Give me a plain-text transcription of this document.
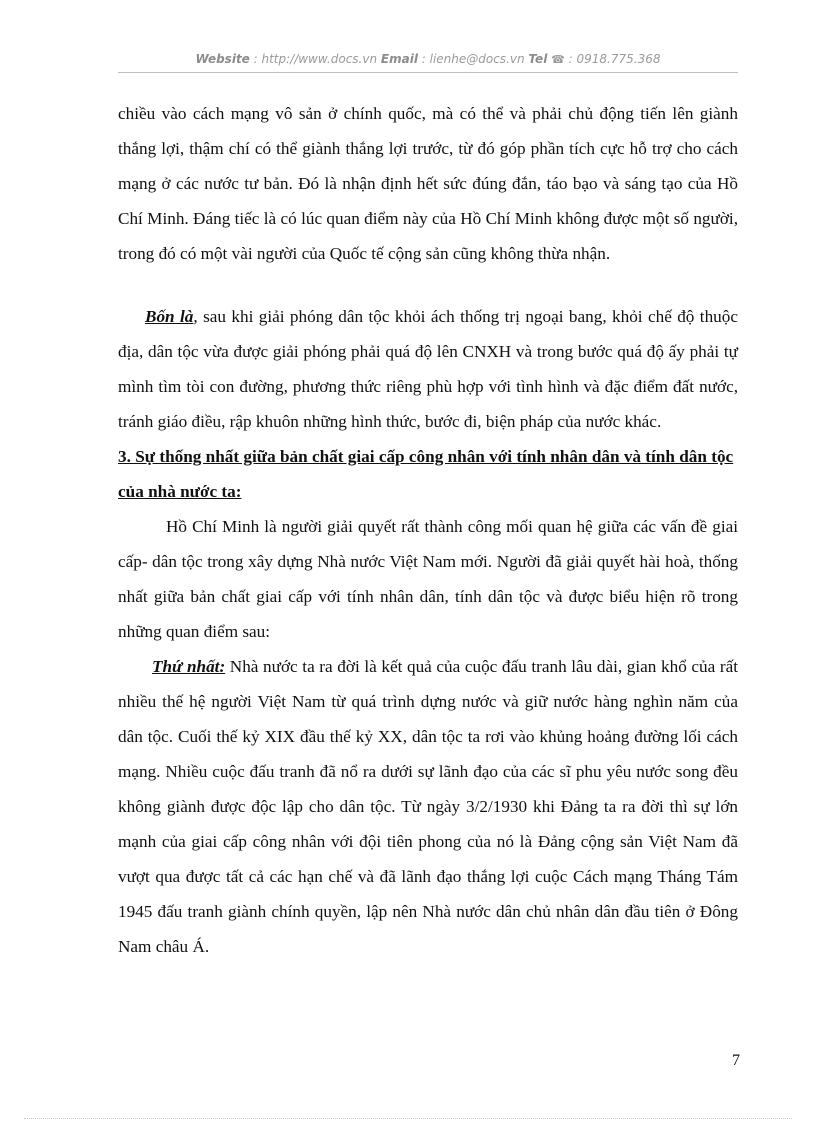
Website : http://www.docs.vn Email : lienhe@docs.vn Tel ☎ : 0918.775.368

chiều vào cách mạng vô sản ở chính quốc, mà có thể và phải chủ động tiến lên giành thắng lợi, thậm chí có thể giành thắng lợi trước, từ đó góp phần tích cực hỗ trợ cho cách mạng ở các nước tư bản. Đó là nhận định hết sức đúng đắn, táo bạo và sáng tạo của Hồ Chí Minh. Đáng tiếc là có lúc quan điểm này của Hồ Chí Minh không được một số người, trong đó có một vài người của Quốc tế cộng sản cũng không thừa nhận.

Bốn là, sau khi giải phóng dân tộc khỏi ách thống trị ngoại bang, khỏi chế độ thuộc địa, dân tộc vừa được giải phóng phải quá độ lên CNXH và trong bước quá độ ấy phải tự mình tìm tòi con đường, phương thức riêng phù hợp với tình hình và đặc điểm đất nước, tránh giáo điều, rập khuôn những hình thức, bước đi, biện pháp của nước khác.

3. Sự thống nhất giữa bản chất giai cấp công nhân với tính nhân dân và tính dân tộc của nhà nước ta:

Hồ Chí Minh là người giải quyết rất thành công mối quan hệ giữa các vấn đề giai cấp- dân tộc trong xây dựng Nhà nước Việt Nam mới. Người đã giải quyết hài hoà, thống nhất giữa bản chất giai cấp với tính nhân dân, tính dân tộc và được biểu hiện rõ trong những quan điểm sau:

Thứ nhất: Nhà nước ta ra đời là kết quả của cuộc đấu tranh lâu dài, gian khổ của rất nhiều thế hệ người Việt Nam từ quá trình dựng nước và giữ nước hàng nghìn năm của dân tộc. Cuối thế kỷ XIX đầu thế kỷ XX, dân tộc ta rơi vào khủng hoảng đường lối cách mạng. Nhiều cuộc đấu tranh đã nổ ra dưới sự lãnh đạo của các sĩ phu yêu nước song đều không giành được độc lập cho dân tộc. Từ ngày 3/2/1930 khi Đảng ta ra đời thì sự lớn mạnh của giai cấp công nhân với đội tiên phong của nó là Đảng cộng sản Việt Nam đã vượt qua được tất cả các hạn chế và đã lãnh đạo thắng lợi cuộc Cách mạng Tháng Tám 1945 đấu tranh giành chính quyền, lập nên Nhà nước dân chủ nhân dân đầu tiên ở Đông Nam châu Á.

7
